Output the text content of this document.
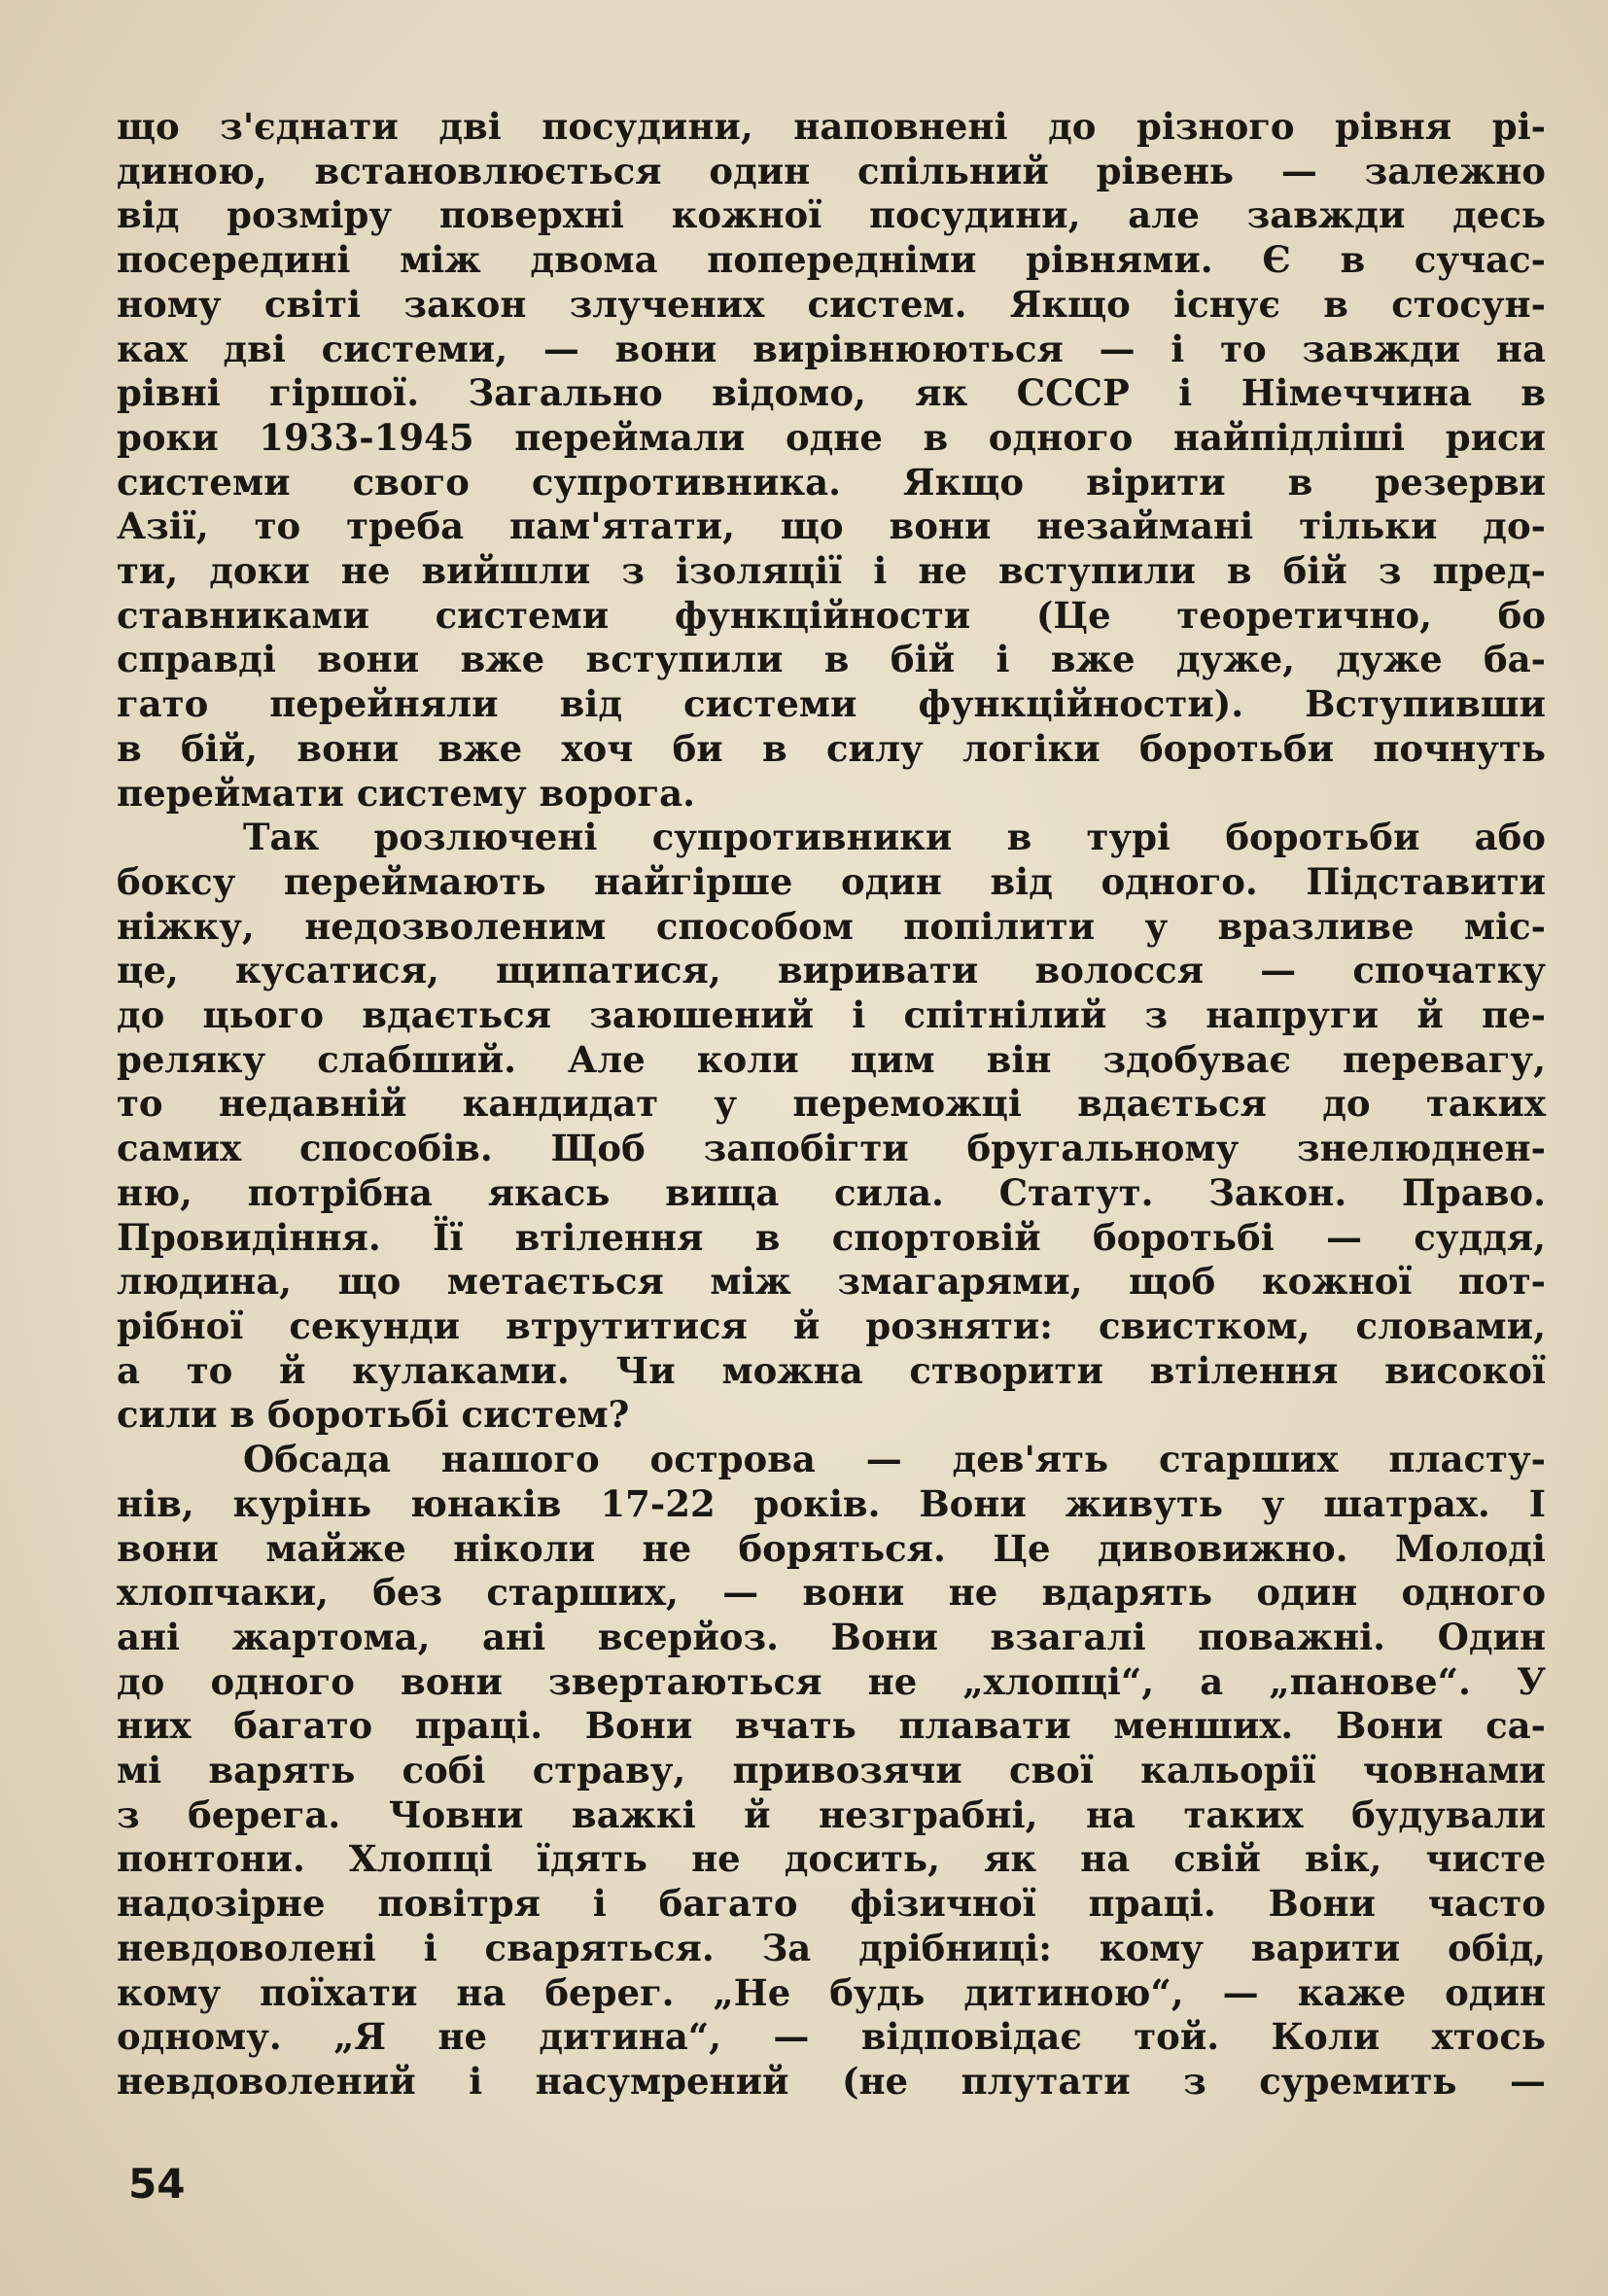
що з'єднати дві посудини, наповнені до різного рівня рі-
диною, встановлюється один спільний рівень — залежно
від розміру поверхні кожної посудини, але завжди десь
посередині між двома попередніми рівнями. Є в сучас-
ному світі закон злучених систем. Якщо існує в стосун-
ках дві системи, — вони вирівнюються — і то завжди на
рівні гіршої. Загально відомо, як СССР і Німеччина в
роки 1933-1945 переймали одне в одного найпідліші риси
системи свого супротивника. Якщо вірити в резерви
Азії, то треба пам'ятати, що вони незаймані тільки до-
ти, доки не вийшли з ізоляції і не вступили в бій з пред-
ставниками системи функційности (Це теоретично, бо
справді вони вже вступили в бій і вже дуже, дуже ба-
гато перейняли від системи функційности). Вступивши
в бій, вони вже хоч би в силу логіки боротьби почнуть
переймати систему ворога.

Так розлючені супротивники в турі боротьби або
боксу переймають найгірше один від одного. Підставити
ніжку, недозволеним способом попілити у вразливе міс-
це, кусатися, щипатися, виривати волосся — спочатку
до цього вдається заюшений і спітнілий з напруги й пе-
реляку слабший. Але коли цим він здобуває перевагу,
то недавній кандидат у переможці вдається до таких
самих способів. Щоб запобігти бругальному знелюднен-
ню, потрібна якась вища сила. Статут. Закон. Право.
Провидіння. Її втілення в спортовій боротьбі — суддя,
людина, що метається між змагарями, щоб кожної пот-
рібної секунди втрутитися й розняти: свистком, словами,
а то й кулаками. Чи можна створити втілення високої
сили в боротьбі систем?

Обсада нашого острова — дев'ять старших пласту-
нів, курінь юнаків 17-22 років. Вони живуть у шатрах. І
вони майже ніколи не боряться. Це дивовижно. Молоді
хлопчаки, без старших, — вони не вдарять один одного
ані жартома, ані всерйоз. Вони взагалі поважні. Один
до одного вони звертаються не „хлопці“, а „панове“. У
них багато праці. Вони вчать плавати менших. Вони са-
мі варять собі страву, привозячи свої кальорії човнами
з берега. Човни важкі й незграбні, на таких будували
понтони. Хлопці їдять не досить, як на свій вік, чисте
надозірне повітря і багато фізичної праці. Вони часто
невдоволені і сваряться. За дрібниці: кому варити обід,
кому поїхати на берег. „Не будь дитиною“, — каже один
одному. „Я не дитина“, — відповідає той. Коли хтось
невдоволений і насумрений (не плутати з суремить —

54
